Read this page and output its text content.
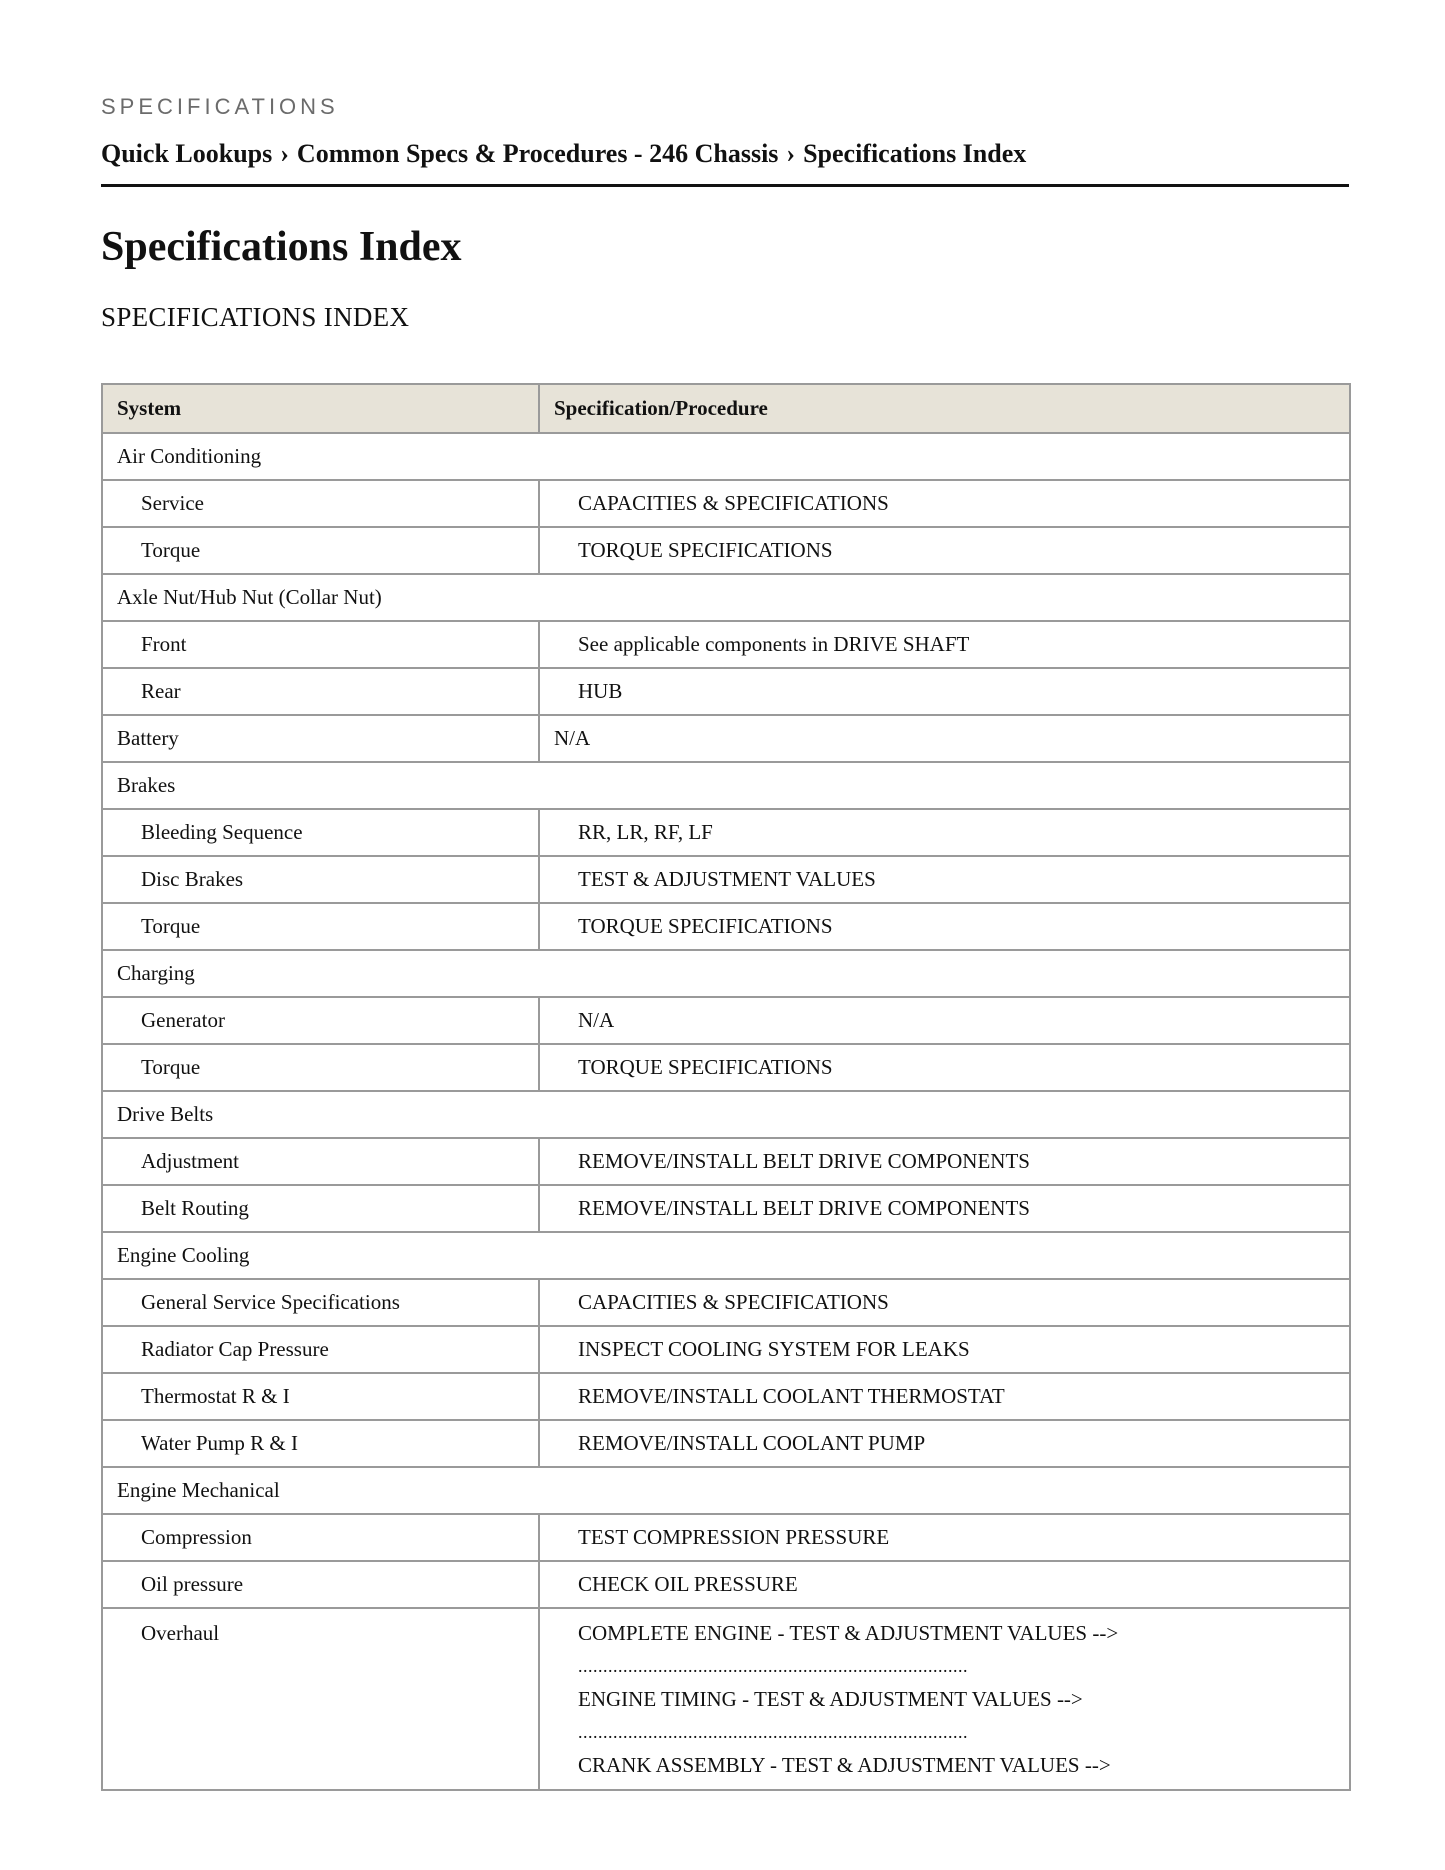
SPECIFICATIONS
Quick Lookups › Common Specs & Procedures - 246 Chassis › Specifications Index
Specifications Index
SPECIFICATIONS INDEX
System	Specification/Procedure
Air Conditioning	
Service	CAPACITIES & SPECIFICATIONS
Torque	TORQUE SPECIFICATIONS
Axle Nut/Hub Nut (Collar Nut)	
Front	See applicable components in DRIVE SHAFT
Rear	HUB
Battery	N/A
Brakes	
Bleeding Sequence	RR, LR, RF, LF
Disc Brakes	TEST & ADJUSTMENT VALUES
Torque	TORQUE SPECIFICATIONS
Charging	
Generator	N/A
Torque	TORQUE SPECIFICATIONS
Drive Belts	
Adjustment	REMOVE/INSTALL BELT DRIVE COMPONENTS
Belt Routing	REMOVE/INSTALL BELT DRIVE COMPONENTS
Engine Cooling	
General Service Specifications	CAPACITIES & SPECIFICATIONS
Radiator Cap Pressure	INSPECT COOLING SYSTEM FOR LEAKS
Thermostat R & I	REMOVE/INSTALL COOLANT THERMOSTAT
Water Pump R & I	REMOVE/INSTALL COOLANT PUMP
Engine Mechanical	
Compression	TEST COMPRESSION PRESSURE
Oil pressure	CHECK OIL PRESSURE
Overhaul	COMPLETE ENGINE - TEST & ADJUSTMENT VALUES -->
..............................................................................
ENGINE TIMING - TEST & ADJUSTMENT VALUES -->
..............................................................................
CRANK ASSEMBLY - TEST & ADJUSTMENT VALUES -->
